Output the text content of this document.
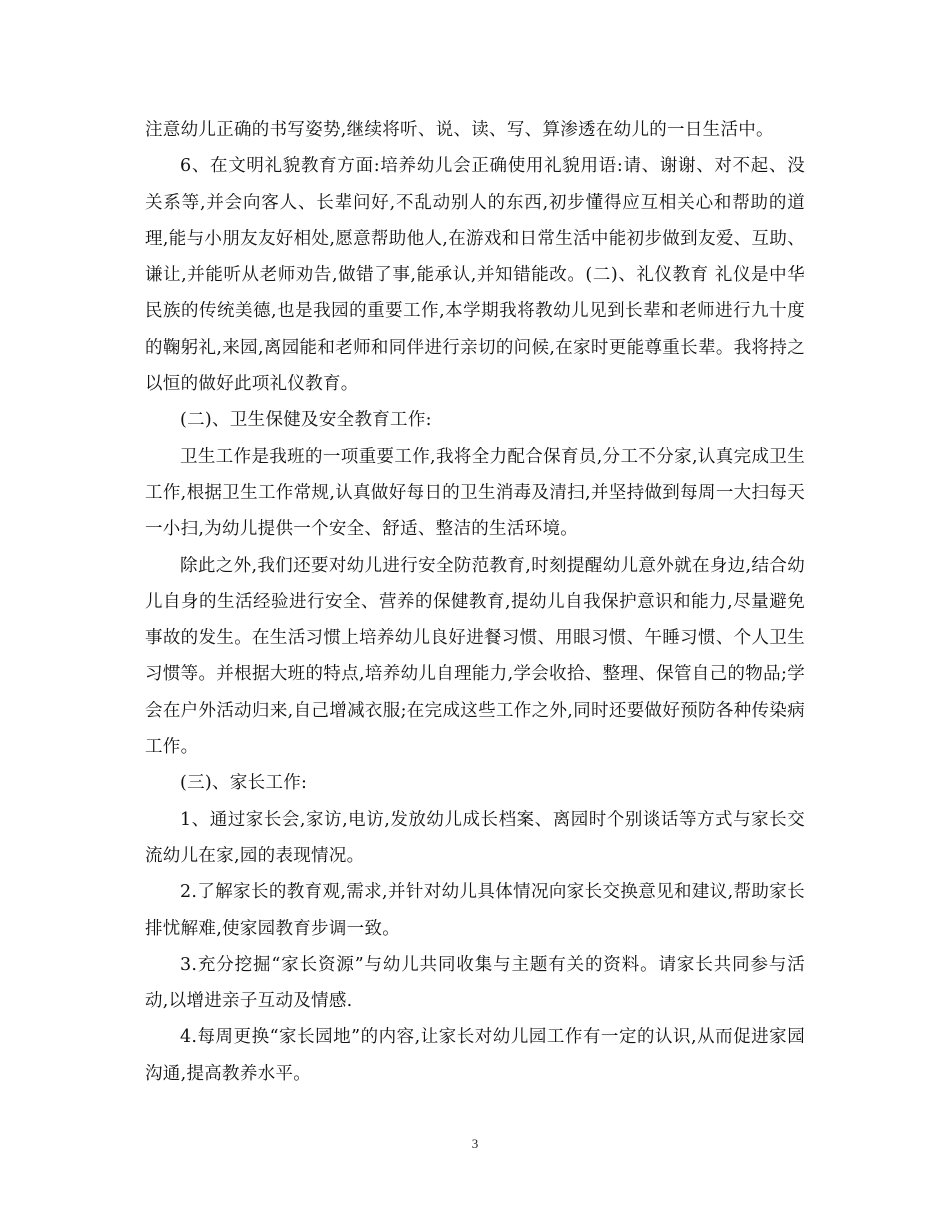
注意幼儿正确的书写姿势,继续将听、说、读、写、算渗透在幼儿的一日生活中。

6、在文明礼貌教育方面:培养幼儿会正确使用礼貌用语:请、谢谢、对不起、没关系等,并会向客人、长辈问好,不乱动别人的东西,初步懂得应互相关心和帮助的道理,能与小朋友友好相处,愿意帮助他人,在游戏和日常生活中能初步做到友爱、互助、谦让,并能听从老师劝告,做错了事,能承认,并知错能改。(二)、礼仪教育 礼仪是中华民族的传统美德,也是我园的重要工作,本学期我将教幼儿见到长辈和老师进行九十度的鞠躬礼,来园,离园能和老师和同伴进行亲切的问候,在家时更能尊重长辈。我将持之以恒的做好此项礼仪教育。

(二)、卫生保健及安全教育工作:

卫生工作是我班的一项重要工作,我将全力配合保育员,分工不分家,认真完成卫生工作,根据卫生工作常规,认真做好每日的卫生消毒及清扫,并坚持做到每周一大扫每天一小扫,为幼儿提供一个安全、舒适、整洁的生活环境。

除此之外,我们还要对幼儿进行安全防范教育,时刻提醒幼儿意外就在身边,结合幼儿自身的生活经验进行安全、营养的保健教育,提幼儿自我保护意识和能力,尽量避免事故的发生。在生活习惯上培养幼儿良好进餐习惯、用眼习惯、午睡习惯、个人卫生习惯等。并根据大班的特点,培养幼儿自理能力,学会收拾、整理、保管自己的物品;学会在户外活动归来,自己增减衣服;在完成这些工作之外,同时还要做好预防各种传染病工作。

(三)、家长工作:

1、通过家长会,家访,电访,发放幼儿成长档案、离园时个别谈话等方式与家长交流幼儿在家,园的表现情况。

2.了解家长的教育观,需求,并针对幼儿具体情况向家长交换意见和建议,帮助家长排忧解难,使家园教育步调一致。

3.充分挖掘“家长资源”与幼儿共同收集与主题有关的资料。请家长共同参与活动,以增进亲子互动及情感.

4.每周更换“家长园地”的内容,让家长对幼儿园工作有一定的认识,从而促进家园沟通,提高教养水平。

3
